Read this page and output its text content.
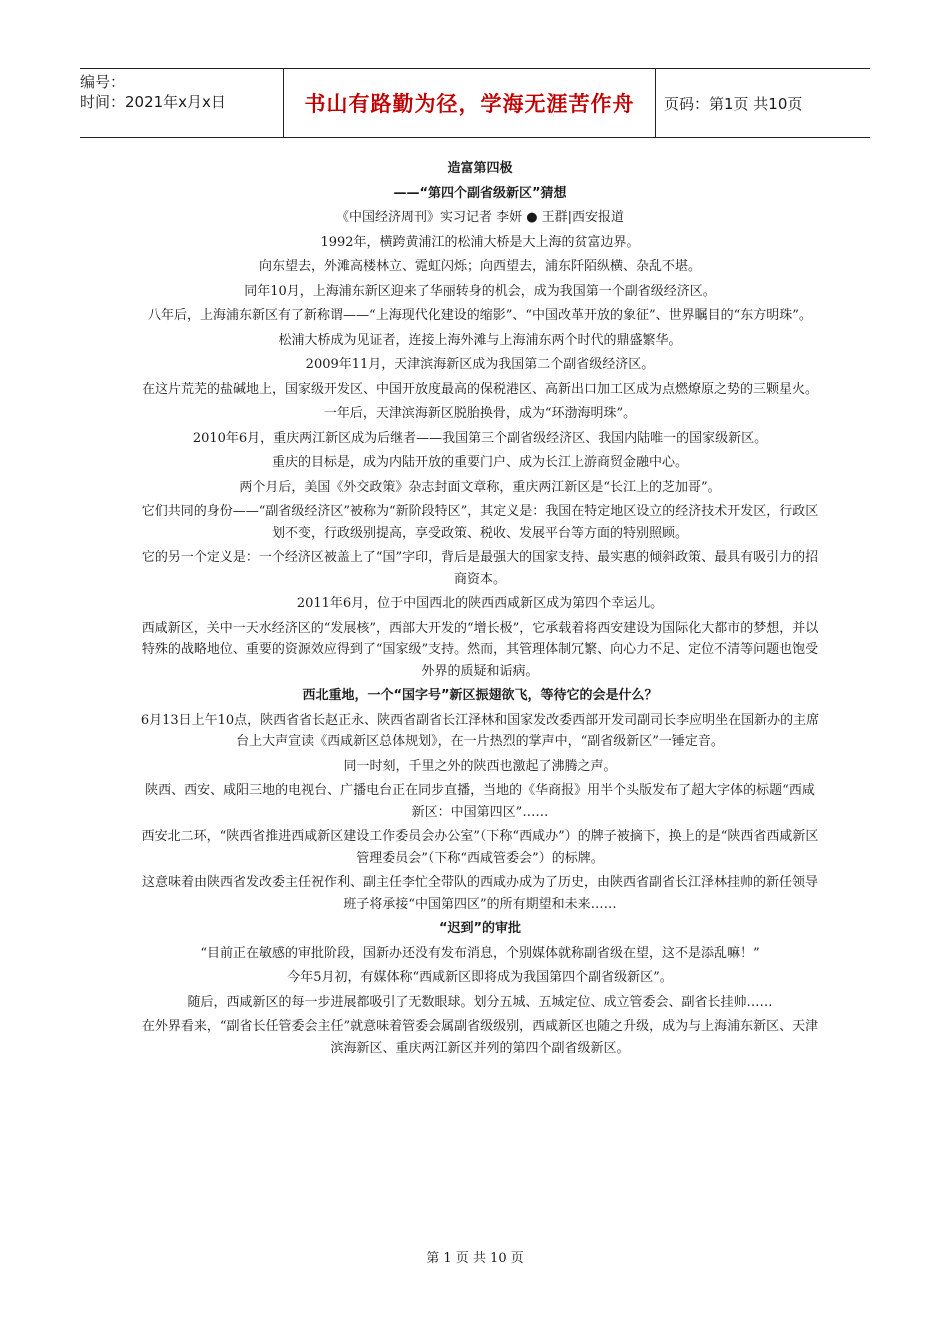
编号：
时间：2021年x月x日	书山有路勤为径，学海无涯苦作舟	页码：第1页 共10页

造富第四极

——“第四个副省级新区”猜想

《中国经济周刊》实习记者 李妍 ● 王群|西安报道

1992年，横跨黄浦江的松浦大桥是大上海的贫富边界。

向东望去，外滩高楼林立、霓虹闪烁；向西望去，浦东阡陌纵横、杂乱不堪。

同年10月，上海浦东新区迎来了华丽转身的机会，成为我国第一个副省级经济区。

八年后，上海浦东新区有了新称谓——“上海现代化建设的缩影”、“中国改革开放的象征”、世界瞩目的“东方明珠”。

松浦大桥成为见证者，连接上海外滩与上海浦东两个时代的鼎盛繁华。

2009年11月，天津滨海新区成为我国第二个副省级经济区。

在这片荒芜的盐碱地上，国家级开发区、中国开放度最高的保税港区、高新出口加工区成为点燃燎原之势的三颗星火。

一年后，天津滨海新区脱胎换骨，成为“环渤海明珠”。

2010年6月，重庆两江新区成为后继者——我国第三个副省级经济区、我国内陆唯一的国家级新区。

重庆的目标是，成为内陆开放的重要门户、成为长江上游商贸金融中心。

两个月后，美国《外交政策》杂志封面文章称，重庆两江新区是“长江上的芝加哥”。

它们共同的身份——“副省级经济区”被称为“新阶段特区”，其定义是：我国在特定地区设立的经济技术开发区，行政区划不变，行政级别提高，享受政策、税收、发展平台等方面的特别照顾。

它的另一个定义是：一个经济区被盖上了“国”字印，背后是最强大的国家支持、最实惠的倾斜政策、最具有吸引力的招商资本。

2011年6月，位于中国西北的陕西西咸新区成为第四个幸运儿。

西咸新区，关中一天水经济区的“发展核”，西部大开发的“增长极”，它承载着将西安建设为国际化大都市的梦想，并以特殊的战略地位、重要的资源效应得到了“国家级”支持。然而，其管理体制冗繁、向心力不足、定位不清等问题也饱受外界的质疑和诟病。

西北重地，一个“国字号”新区振翅欲飞，等待它的会是什么？

6月13日上午10点，陕西省省长赵正永、陕西省副省长江泽林和国家发改委西部开发司副司长李应明坐在国新办的主席台上大声宣读《西咸新区总体规划》，在一片热烈的掌声中，“副省级新区”一锤定音。

同一时刻，千里之外的陕西也激起了沸腾之声。

陕西、西安、咸阳三地的电视台、广播电台正在同步直播，当地的《华商报》用半个头版发布了超大字体的标题“西咸新区：中国第四区”……

西安北二环，“陕西省推进西咸新区建设工作委员会办公室”（下称“西咸办”）的牌子被摘下，换上的是“陕西省西咸新区管理委员会”（下称“西咸管委会”）的标牌。

这意味着由陕西省发改委主任祝作利、副主任李忙全带队的西咸办成为了历史，由陕西省副省长江泽林挂帅的新任领导班子将承接“中国第四区”的所有期望和未来……

“迟到”的审批

“目前正在敏感的审批阶段，国新办还没有发布消息，个别媒体就称副省级在望，这不是添乱嘛！”

今年5月初，有媒体称“西咸新区即将成为我国第四个副省级新区”。

随后，西咸新区的每一步进展都吸引了无数眼球。划分五城、五城定位、成立管委会、副省长挂帅……

在外界看来，“副省长任管委会主任”就意味着管委会属副省级级别，西咸新区也随之升级，成为与上海浦东新区、天津滨海新区、重庆两江新区并列的第四个副省级新区。

第 1 页 共 10 页
